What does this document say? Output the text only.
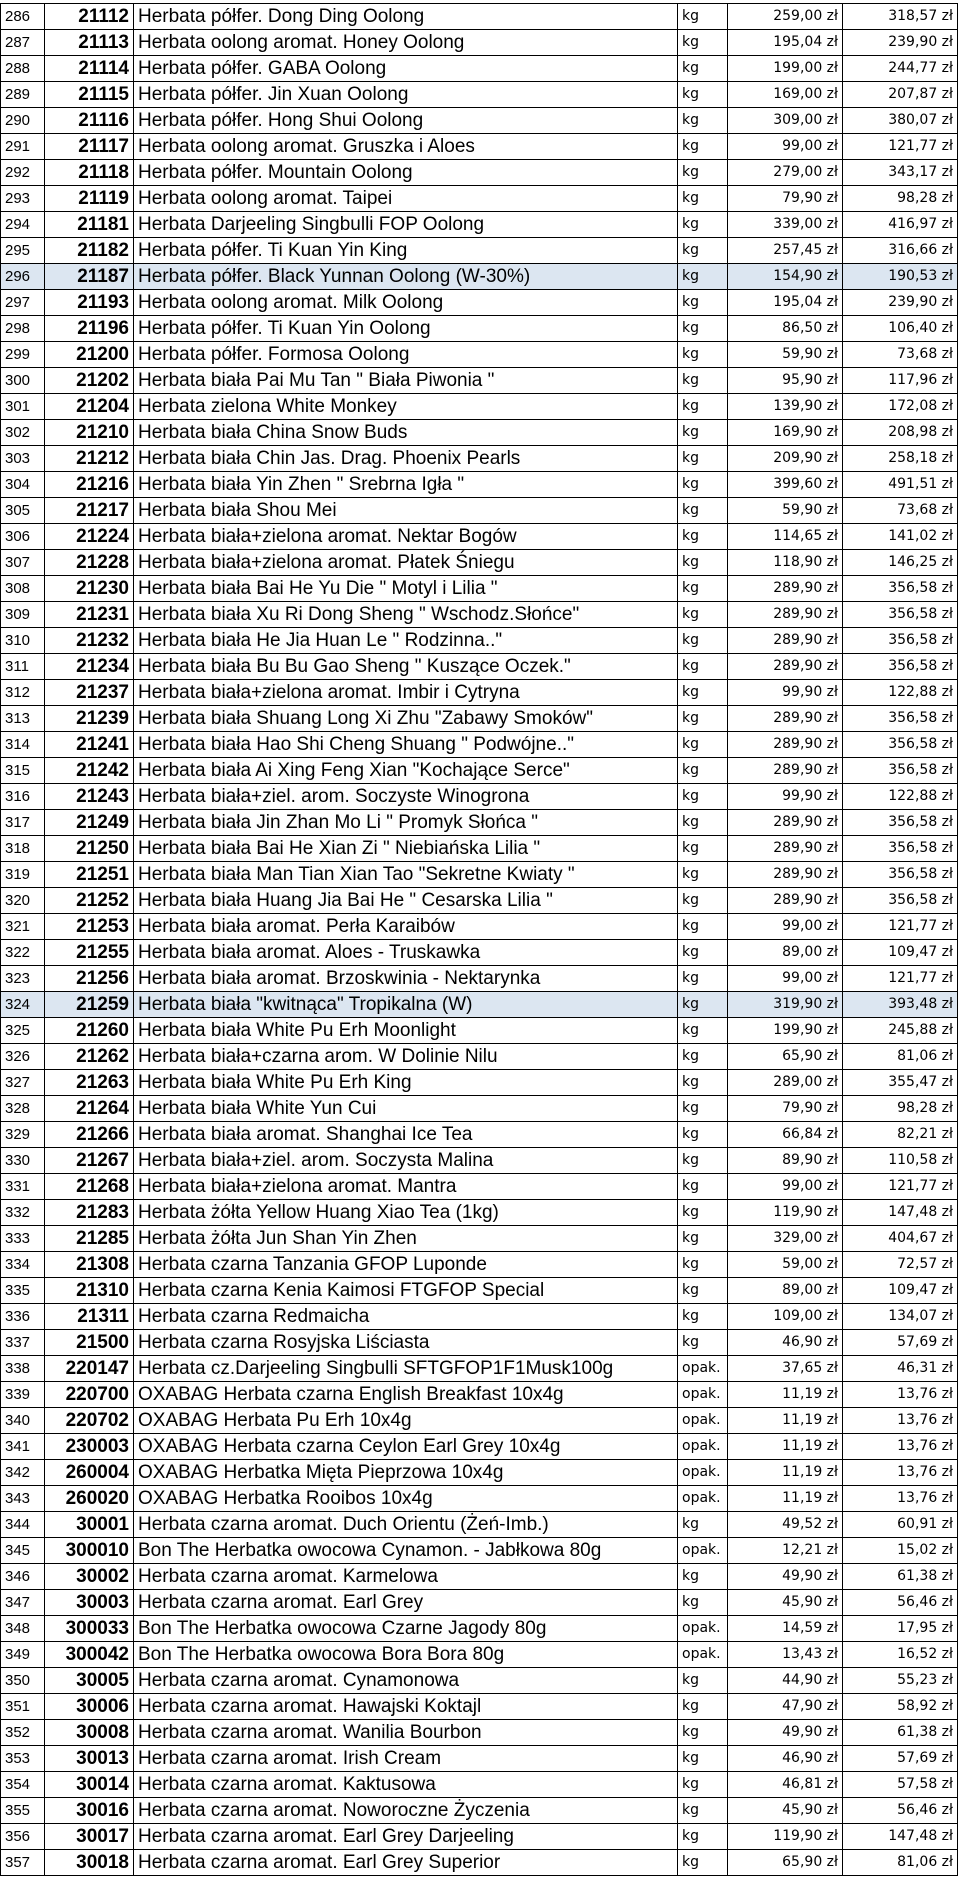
286	21112	Herbata półfer. Dong Ding Oolong	kg	259,00 zł	318,57 zł
287	21113	Herbata oolong aromat. Honey Oolong	kg	195,04 zł	239,90 zł
288	21114	Herbata półfer. GABA Oolong	kg	199,00 zł	244,77 zł
289	21115	Herbata półfer. Jin Xuan Oolong	kg	169,00 zł	207,87 zł
290	21116	Herbata półfer. Hong Shui Oolong	kg	309,00 zł	380,07 zł
291	21117	Herbata oolong aromat. Gruszka i Aloes	kg	99,00 zł	121,77 zł
292	21118	Herbata półfer. Mountain Oolong	kg	279,00 zł	343,17 zł
293	21119	Herbata oolong aromat. Taipei	kg	79,90 zł	98,28 zł
294	21181	Herbata Darjeeling Singbulli FOP Oolong	kg	339,00 zł	416,97 zł
295	21182	Herbata półfer. Ti Kuan Yin King	kg	257,45 zł	316,66 zł
296	21187	Herbata półfer. Black Yunnan Oolong (W-30%)	kg	154,90 zł	190,53 zł
297	21193	Herbata oolong aromat. Milk Oolong	kg	195,04 zł	239,90 zł
298	21196	Herbata półfer. Ti Kuan Yin Oolong	kg	86,50 zł	106,40 zł
299	21200	Herbata półfer. Formosa Oolong	kg	59,90 zł	73,68 zł
300	21202	Herbata biała Pai Mu Tan " Biała Piwonia "	kg	95,90 zł	117,96 zł
301	21204	Herbata zielona White Monkey	kg	139,90 zł	172,08 zł
302	21210	Herbata biała China Snow Buds	kg	169,90 zł	208,98 zł
303	21212	Herbata biała Chin Jas. Drag. Phoenix Pearls	kg	209,90 zł	258,18 zł
304	21216	Herbata biała Yin Zhen " Srebrna Igła "	kg	399,60 zł	491,51 zł
305	21217	Herbata biała Shou Mei	kg	59,90 zł	73,68 zł
306	21224	Herbata biała+zielona aromat. Nektar Bogów	kg	114,65 zł	141,02 zł
307	21228	Herbata biała+zielona aromat. Płatek Śniegu	kg	118,90 zł	146,25 zł
308	21230	Herbata biała Bai He Yu Die " Motyl i Lilia "	kg	289,90 zł	356,58 zł
309	21231	Herbata biała Xu Ri Dong Sheng " Wschodz.Słońce"	kg	289,90 zł	356,58 zł
310	21232	Herbata biała He Jia Huan Le " Rodzinna.."	kg	289,90 zł	356,58 zł
311	21234	Herbata biała Bu Bu Gao Sheng " Kuszące Oczek."	kg	289,90 zł	356,58 zł
312	21237	Herbata biała+zielona aromat. Imbir i Cytryna	kg	99,90 zł	122,88 zł
313	21239	Herbata biała Shuang Long Xi Zhu "Zabawy Smoków"	kg	289,90 zł	356,58 zł
314	21241	Herbata biała Hao Shi Cheng Shuang " Podwójne.."	kg	289,90 zł	356,58 zł
315	21242	Herbata biała Ai Xing Feng Xian "Kochające Serce"	kg	289,90 zł	356,58 zł
316	21243	Herbata biała+ziel. arom. Soczyste Winogrona	kg	99,90 zł	122,88 zł
317	21249	Herbata biała Jin Zhan Mo Li " Promyk Słońca "	kg	289,90 zł	356,58 zł
318	21250	Herbata biała Bai He Xian Zi " Niebiańska Lilia "	kg	289,90 zł	356,58 zł
319	21251	Herbata biała Man Tian Xian Tao "Sekretne Kwiaty "	kg	289,90 zł	356,58 zł
320	21252	Herbata biała Huang Jia Bai He " Cesarska Lilia "	kg	289,90 zł	356,58 zł
321	21253	Herbata biała aromat. Perła Karaibów	kg	99,00 zł	121,77 zł
322	21255	Herbata biała aromat. Aloes - Truskawka	kg	89,00 zł	109,47 zł
323	21256	Herbata biała aromat. Brzoskwinia - Nektarynka	kg	99,00 zł	121,77 zł
324	21259	Herbata biała "kwitnąca" Tropikalna (W)	kg	319,90 zł	393,48 zł
325	21260	Herbata biała White Pu Erh Moonlight	kg	199,90 zł	245,88 zł
326	21262	Herbata biała+czarna arom. W Dolinie Nilu	kg	65,90 zł	81,06 zł
327	21263	Herbata biała White Pu Erh King	kg	289,00 zł	355,47 zł
328	21264	Herbata biała White Yun Cui	kg	79,90 zł	98,28 zł
329	21266	Herbata biała aromat. Shanghai Ice Tea	kg	66,84 zł	82,21 zł
330	21267	Herbata biała+ziel. arom. Soczysta Malina	kg	89,90 zł	110,58 zł
331	21268	Herbata biała+zielona aromat. Mantra	kg	99,00 zł	121,77 zł
332	21283	Herbata żółta Yellow Huang Xiao Tea (1kg)	kg	119,90 zł	147,48 zł
333	21285	Herbata żółta Jun Shan Yin Zhen	kg	329,00 zł	404,67 zł
334	21308	Herbata czarna Tanzania GFOP Luponde	kg	59,00 zł	72,57 zł
335	21310	Herbata czarna Kenia Kaimosi FTGFOP Special	kg	89,00 zł	109,47 zł
336	21311	Herbata czarna Redmaicha	kg	109,00 zł	134,07 zł
337	21500	Herbata czarna Rosyjska Liściasta	kg	46,90 zł	57,69 zł
338	220147	Herbata cz.Darjeeling Singbulli SFTGFOP1F1Musk100g	opak.	37,65 zł	46,31 zł
339	220700	OXABAG Herbata czarna English Breakfast 10x4g	opak.	11,19 zł	13,76 zł
340	220702	OXABAG Herbata Pu Erh 10x4g	opak.	11,19 zł	13,76 zł
341	230003	OXABAG Herbata czarna Ceylon Earl Grey 10x4g	opak.	11,19 zł	13,76 zł
342	260004	OXABAG Herbatka Mięta Pieprzowa 10x4g	opak.	11,19 zł	13,76 zł
343	260020	OXABAG Herbatka Rooibos 10x4g	opak.	11,19 zł	13,76 zł
344	30001	Herbata czarna aromat. Duch Orientu (Żeń-Imb.)	kg	49,52 zł	60,91 zł
345	300010	Bon The Herbatka owocowa Cynamon. - Jabłkowa 80g	opak.	12,21 zł	15,02 zł
346	30002	Herbata czarna aromat. Karmelowa	kg	49,90 zł	61,38 zł
347	30003	Herbata czarna aromat. Earl Grey	kg	45,90 zł	56,46 zł
348	300033	Bon The Herbatka owocowa Czarne Jagody 80g	opak.	14,59 zł	17,95 zł
349	300042	Bon The Herbatka owocowa Bora Bora 80g	opak.	13,43 zł	16,52 zł
350	30005	Herbata czarna aromat. Cynamonowa	kg	44,90 zł	55,23 zł
351	30006	Herbata czarna aromat. Hawajski Koktajl	kg	47,90 zł	58,92 zł
352	30008	Herbata czarna aromat. Wanilia Bourbon	kg	49,90 zł	61,38 zł
353	30013	Herbata czarna aromat. Irish Cream	kg	46,90 zł	57,69 zł
354	30014	Herbata czarna aromat. Kaktusowa	kg	46,81 zł	57,58 zł
355	30016	Herbata czarna aromat. Noworoczne Życzenia	kg	45,90 zł	56,46 zł
356	30017	Herbata czarna aromat. Earl Grey Darjeeling	kg	119,90 zł	147,48 zł
357	30018	Herbata czarna aromat. Earl Grey Superior	kg	65,90 zł	81,06 zł
